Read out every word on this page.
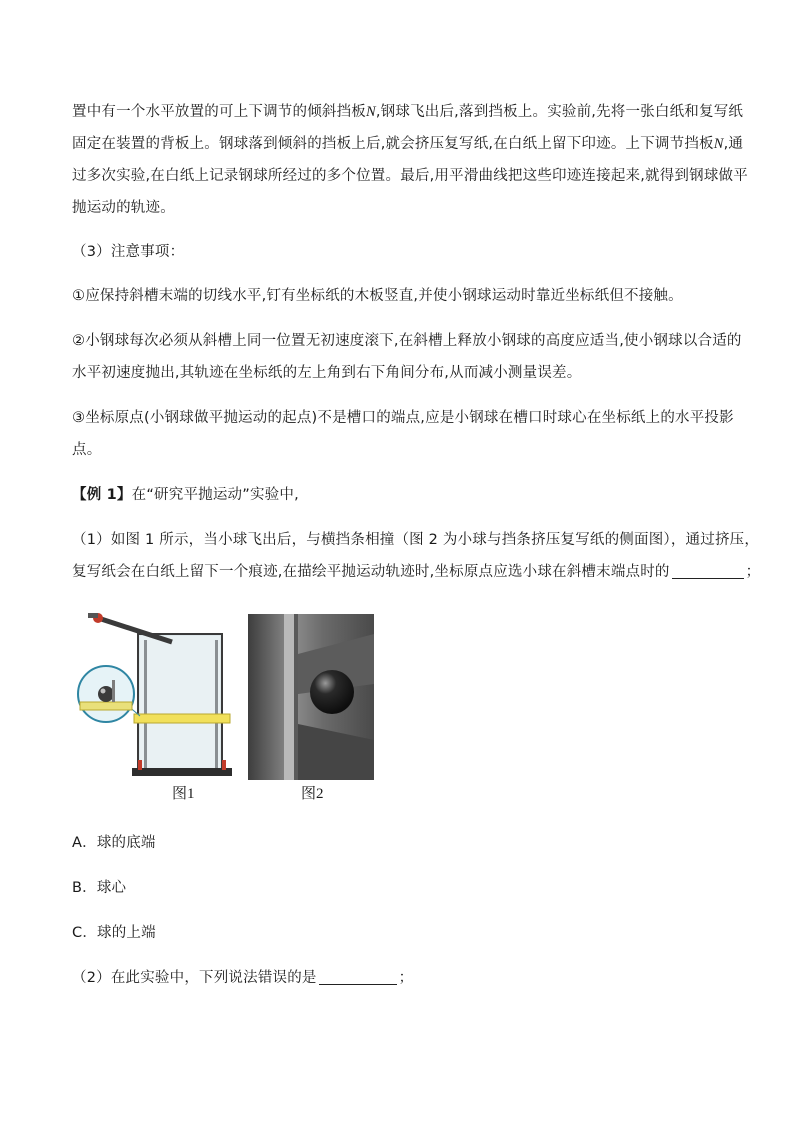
置中有一个水平放置的可上下调节的倾斜挡板N,钢球飞出后,落到挡板上。实验前,先将一张白纸和复写纸

固定在装置的背板上。钢球落到倾斜的挡板上后,就会挤压复写纸,在白纸上留下印迹。上下调节挡板N,通

过多次实验,在白纸上记录钢球所经过的多个位置。最后,用平滑曲线把这些印迹连接起来,就得到钢球做平

抛运动的轨迹。

（3）注意事项：

①应保持斜槽末端的切线水平,钉有坐标纸的木板竖直,并使小钢球运动时靠近坐标纸但不接触。

②小钢球每次必须从斜槽上同一位置无初速度滚下,在斜槽上释放小钢球的高度应适当,使小钢球以合适的

水平初速度抛出,其轨迹在坐标纸的左上角到右下角间分布,从而减小测量误差。

③坐标原点(小钢球做平抛运动的起点)不是槽口的端点,应是小钢球在槽口时球心在坐标纸上的水平投影

点。

【例 1】在“研究平抛运动”实验中,

（1）如图 1 所示，当小球飞出后，与横挡条相撞（图 2 为小球与挡条挤压复写纸的侧面图），通过挤压，

复写纸会在白纸上留下一个痕迹,在描绘平抛运动轨迹时,坐标原点应选小球在斜槽末端点时的	；

图1	图2

A．球的底端

B．球心

C．球的上端

（2）在此实验中，下列说法错误的是	；
